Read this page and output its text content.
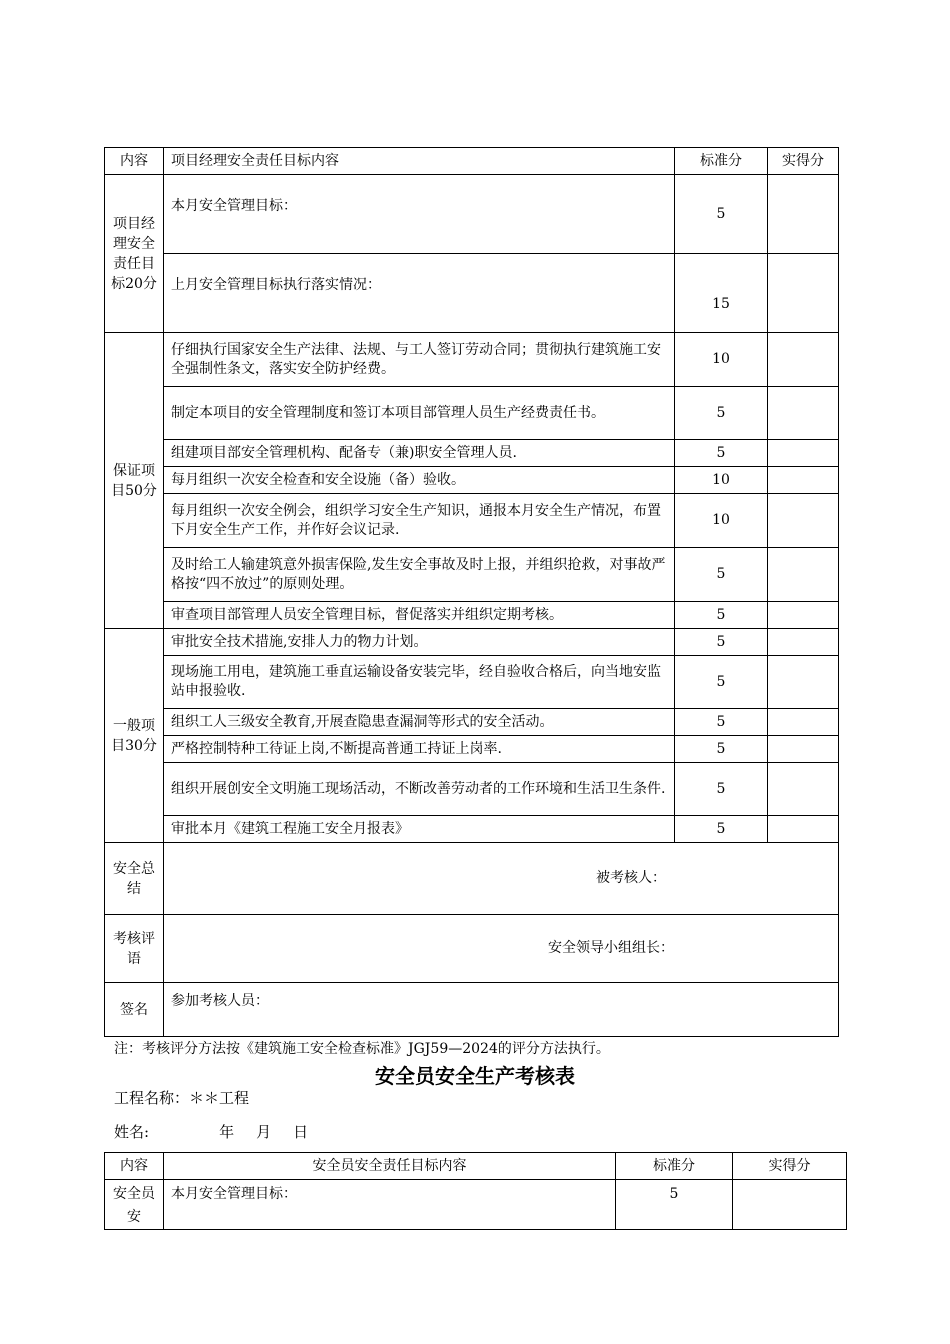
内容	项目经理安全责任目标内容	标准分	实得分
项目经理安全责任目标20分	本月安全管理目标：	5	
	上月安全管理目标执行落实情况：	15	
保证项目50分	仔细执行国家安全生产法律、法规、与工人签订劳动合同；贯彻执行建筑施工安全强制性条文，落实安全防护经费。	10	
	制定本项目的安全管理制度和签订本项目部管理人员生产经费责任书。	5	
	组建项目部安全管理机构、配备专（兼)职安全管理人员.	5	
	每月组织一次安全检查和安全设施（备）验收。	10	
	每月组织一次安全例会，组织学习安全生产知识，通报本月安全生产情况，布置下月安全生产工作，并作好会议记录.	10	
	及时给工人输建筑意外损害保险,发生安全事故及时上报，并组织抢救，对事故严格按“四不放过”的原则处理。	5	
	审查项目部管理人员安全管理目标，督促落实并组织定期考核。	5	
一般项目30分	审批安全技术措施,安排人力的物力计划。	5	
	现场施工用电，建筑施工垂直运输设备安装完毕，经自验收合格后，向当地安监站申报验收.	5	
	组织工人三级安全教育,开展查隐患查漏洞等形式的安全活动。	5	
	严格控制特种工待证上岗,不断提高普通工持证上岗率.	5	
	组织开展创安全文明施工现场活动，不断改善劳动者的工作环境和生活卫生条件.	5	
	审批本月《建筑工程施工安全月报表》	5	
安全总结	被考核人：		
考核评语	安全领导小组组长：		
签名	参加考核人员：		
注：考核评分方法按《建筑施工安全检查标准》JGJ59—2024的评分方法执行。
安全员安全生产考核表
工程名称：＊＊工程
姓名:	年 月 日
内容	安全员安全责任目标内容	标准分	实得分
安全员安	本月安全管理目标：	5	
